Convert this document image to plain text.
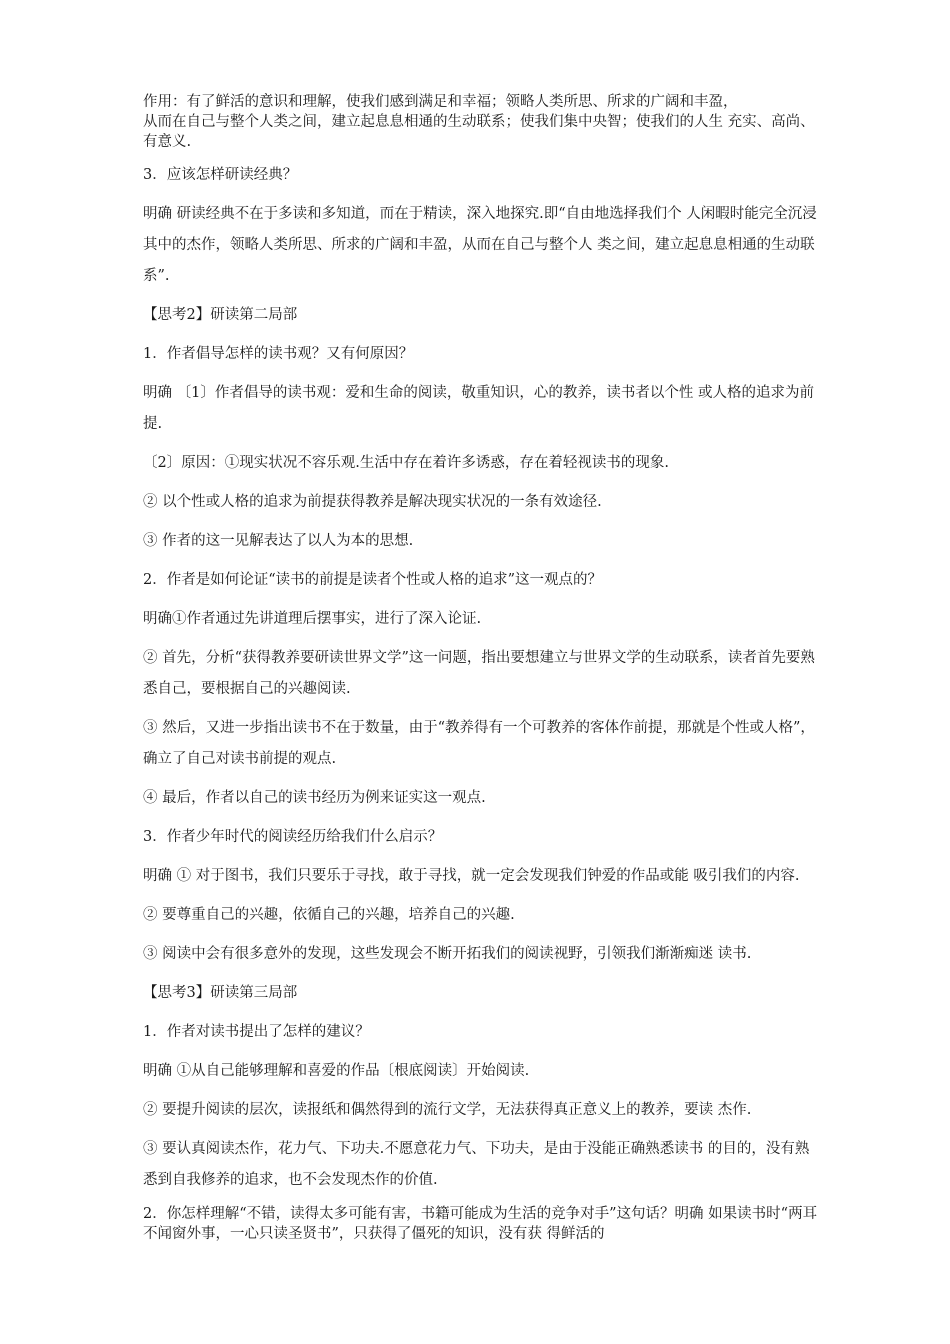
作用：有了鲜活的意识和理解，使我们感到满足和幸福；领略人类所思、所求的广阔和丰盈，

从而在自己与整个人类之间，建立起息息相通的生动联系；使我们集中央智；使我们的人生 充实、高尚、有意义.

3．应该怎样研读经典？

明确 研读经典不在于多读和多知道，而在于精读，深入地探究.即“自由地选择我们个 人闲暇时能完全沉浸其中的杰作，领略人类所思、所求的广阔和丰盈，从而在自己与整个人 类之间，建立起息息相通的生动联系”.

【思考2】研读第二局部

1．作者倡导怎样的读书观？又有何原因？

明确 〔1〕作者倡导的读书观：爱和生命的阅读，敬重知识，心的教养，读书者以个性 或人格的追求为前提.

〔2〕原因：①现实状况不容乐观.生活中存在着许多诱惑，存在着轻视读书的现象.

② 以个性或人格的追求为前提获得教养是解决现实状况的一条有效途径.

③ 作者的这一见解表达了以人为本的思想.

2．作者是如何论证“读书的前提是读者个性或人格的追求”这一观点的？

明确①作者通过先讲道理后摆事实，进行了深入论证.

② 首先，分析“获得教养要研读世界文学”这一问题，指出要想建立与世界文学的生动联系，读者首先要熟悉自己，要根据自己的兴趣阅读.

③ 然后，又进一步指出读书不在于数量，由于“教养得有一个可教养的客体作前提，那就是个性或人格”，确立了自己对读书前提的观点.

④ 最后，作者以自己的读书经历为例来证实这一观点.

3．作者少年时代的阅读经历给我们什么启示？

明确 ① 对于图书，我们只要乐于寻找，敢于寻找，就一定会发现我们钟爱的作品或能 吸引我们的内容.

② 要尊重自己的兴趣，依循自己的兴趣，培养自己的兴趣.

③ 阅读中会有很多意外的发现，这些发现会不断开拓我们的阅读视野，引领我们渐渐痴迷 读书.

【思考3】研读第三局部

1．作者对读书提出了怎样的建议？

明确 ①从自己能够理解和喜爱的作品〔根底阅读〕开始阅读.

② 要提升阅读的层次，读报纸和偶然得到的流行文学，无法获得真正意义上的教养，要读 杰作.

③ 要认真阅读杰作，花力气、下功夫.不愿意花力气、下功夫，是由于没能正确熟悉读书 的目的，没有熟悉到自我修养的追求，也不会发现杰作的价值.

2．你怎样理解“不错，读得太多可能有害，书籍可能成为生活的竞争对手”这句话？明确 如果读书时“两耳不闻窗外事，一心只读圣贤书”，只获得了僵死的知识，没有获 得鲜活的
